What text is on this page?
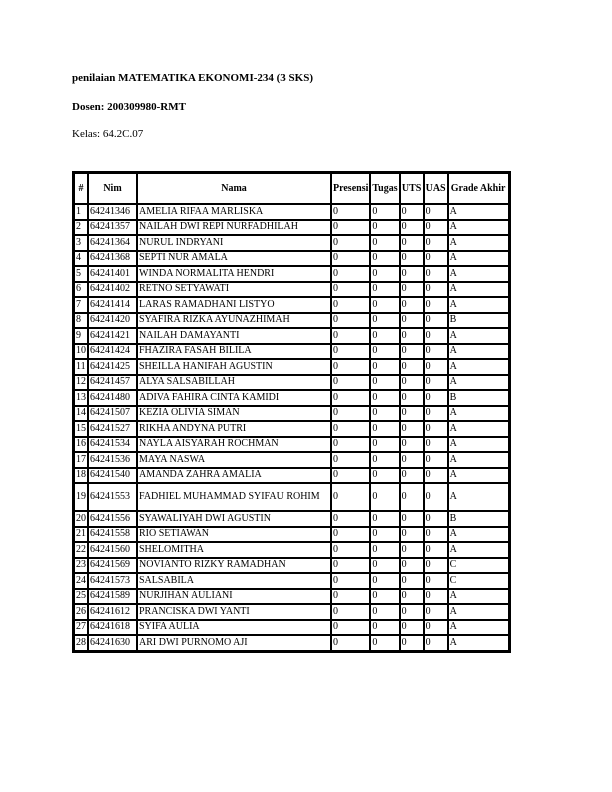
penilaian MATEMATIKA EKONOMI-234 (3 SKS)
Dosen: 200309980-RMT
Kelas: 64.2C.07
#	Nim	Nama	Presensi	Tugas	UTS	UAS	Grade Akhir
1	64241346	AMELIA RIFAA MARLISKA	0	0	0	0	A
2	64241357	NAILAH DWI REPI NURFADHILAH	0	0	0	0	A
3	64241364	NURUL INDRYANI	0	0	0	0	A
4	64241368	SEPTI NUR AMALA	0	0	0	0	A
5	64241401	WINDA NORMALITA HENDRI	0	0	0	0	A
6	64241402	RETNO SETYAWATI	0	0	0	0	A
7	64241414	LARAS RAMADHANI LISTYO	0	0	0	0	A
8	64241420	SYAFIRA RIZKA AYUNAZHIMAH	0	0	0	0	B
9	64241421	NAILAH DAMAYANTI	0	0	0	0	A
10	64241424	FHAZIRA FASAH BILILA	0	0	0	0	A
11	64241425	SHEILLA HANIFAH AGUSTIN	0	0	0	0	A
12	64241457	ALYA SALSABILLAH	0	0	0	0	A
13	64241480	ADIVA FAHIRA CINTA KAMIDI	0	0	0	0	B
14	64241507	KEZIA OLIVIA SIMAN	0	0	0	0	A
15	64241527	RIKHA ANDYNA PUTRI	0	0	0	0	A
16	64241534	NAYLA AISYARAH ROCHMAN	0	0	0	0	A
17	64241536	MAYA NASWA	0	0	0	0	A
18	64241540	AMANDA ZAHRA AMALIA	0	0	0	0	A
19	64241553	FADHIEL MUHAMMAD SYIFAU ROHIM	0	0	0	0	A
20	64241556	SYAWALIYAH DWI AGUSTIN	0	0	0	0	B
21	64241558	RIO SETIAWAN	0	0	0	0	A
22	64241560	SHELOMITHA	0	0	0	0	A
23	64241569	NOVIANTO RIZKY RAMADHAN	0	0	0	0	C
24	64241573	SALSABILA	0	0	0	0	C
25	64241589	NURJIHAN AULIANI	0	0	0	0	A
26	64241612	PRANCISKA DWI YANTI	0	0	0	0	A
27	64241618	SYIFA AULIA	0	0	0	0	A
28	64241630	ARI DWI PURNOMO AJI	0	0	0	0	A
